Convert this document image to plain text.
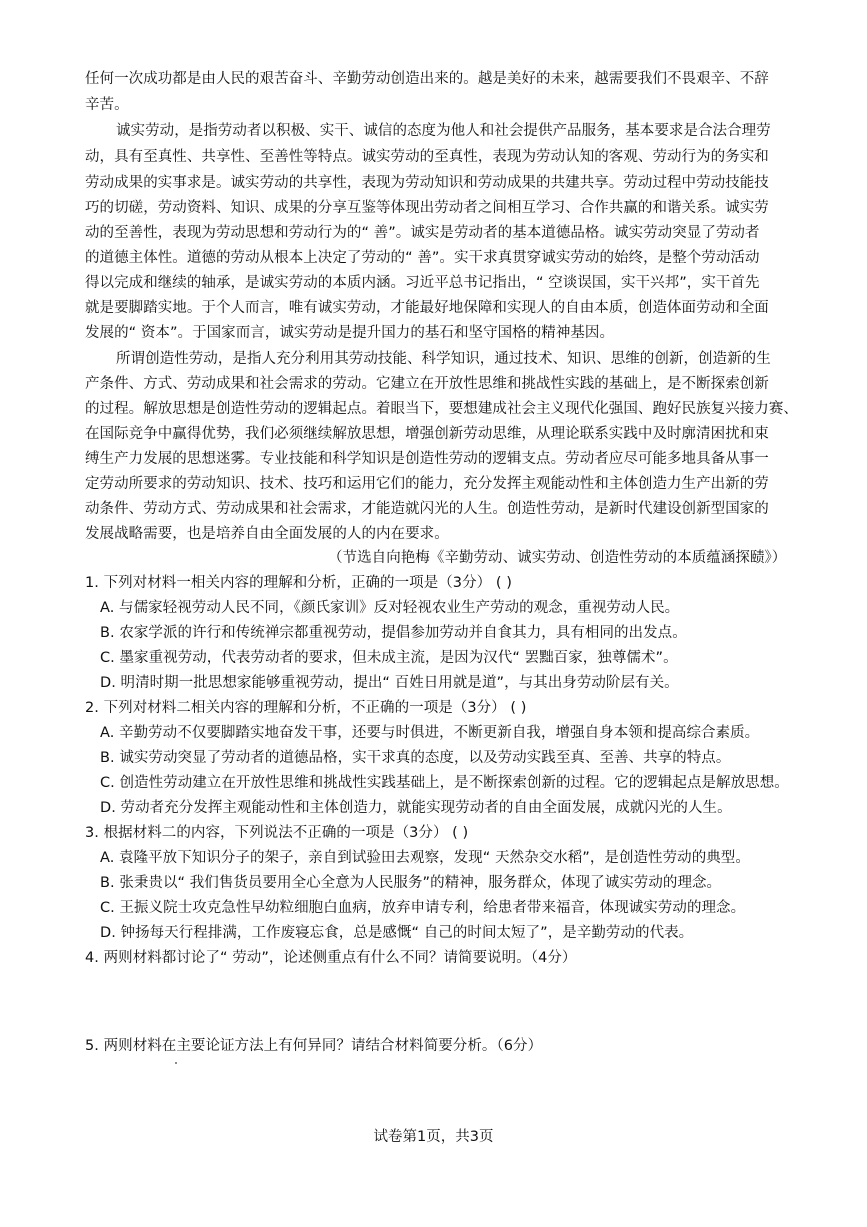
任何一次成功都是由人民的艰苦奋斗、辛勤劳动创造出来的。越是美好的未来，越需要我们不畏艰辛、不辞
辛苦。
诚实劳动，是指劳动者以积极、实干、诚信的态度为他人和社会提供产品服务，基本要求是合法合理劳
动，具有至真性、共享性、至善性等特点。诚实劳动的至真性，表现为劳动认知的客观、劳动行为的务实和
劳动成果的实事求是。诚实劳动的共享性，表现为劳动知识和劳动成果的共建共享。劳动过程中劳动技能技
巧的切磋，劳动资料、知识、成果的分享互鉴等体现出劳动者之间相互学习、合作共赢的和谐关系。诚实劳
动的至善性，表现为劳动思想和劳动行为的“ 善”。诚实是劳动者的基本道德品格。诚实劳动突显了劳动者
的道德主体性。道德的劳动从根本上决定了劳动的“ 善”。实干求真贯穿诚实劳动的始终，是整个劳动活动
得以完成和继续的轴承，是诚实劳动的本质内涵。习近平总书记指出，“ 空谈误国，实干兴邦”，实干首先
就是要脚踏实地。于个人而言，唯有诚实劳动，才能最好地保障和实现人的自由本质，创造体面劳动和全面
发展的“ 资本”。于国家而言，诚实劳动是提升国力的基石和坚守国格的精神基因。
所谓创造性劳动，是指人充分利用其劳动技能、科学知识，通过技术、知识、思维的创新，创造新的生
产条件、方式、劳动成果和社会需求的劳动。它建立在开放性思维和挑战性实践的基础上，是不断探索创新
的过程。解放思想是创造性劳动的逻辑起点。着眼当下，要想建成社会主义现代化强国、跑好民族复兴接力赛、
在国际竞争中赢得优势，我们必须继续解放思想，增强创新劳动思维，从理论联系实践中及时廓清困扰和束
缚生产力发展的思想迷雾。专业技能和科学知识是创造性劳动的逻辑支点。劳动者应尽可能多地具备从事一
定劳动所要求的劳动知识、技术、技巧和运用它们的能力，充分发挥主观能动性和主体创造力生产出新的劳
动条件、劳动方式、劳动成果和社会需求，才能造就闪光的人生。创造性劳动，是新时代建设创新型国家的
发展战略需要，也是培养自由全面发展的人的内在要求。
（节选自向艳梅《辛勤劳动、诚实劳动、创造性劳动的本质蕴涵探赜》）
1. 下列对材料一相关内容的理解和分析，正确的一项是（3分） ( )
A. 与儒家轻视劳动人民不同，《颜氏家训》反对轻视农业生产劳动的观念，重视劳动人民。
B. 农家学派的许行和传统禅宗都重视劳动，提倡参加劳动并自食其力，具有相同的出发点。
C. 墨家重视劳动，代表劳动者的要求，但未成主流，是因为汉代“ 罢黜百家，独尊儒术”。
D. 明清时期一批思想家能够重视劳动，提出“ 百姓日用就是道”，与其出身劳动阶层有关。
2. 下列对材料二相关内容的理解和分析，不正确的一项是（3分） ( )
A. 辛勤劳动不仅要脚踏实地奋发干事，还要与时俱进，不断更新自我，增强自身本领和提高综合素质。
B. 诚实劳动突显了劳动者的道德品格，实干求真的态度，以及劳动实践至真、至善、共享的特点。
C. 创造性劳动建立在开放性思维和挑战性实践基础上，是不断探索创新的过程。它的逻辑起点是解放思想。
D. 劳动者充分发挥主观能动性和主体创造力，就能实现劳动者的自由全面发展，成就闪光的人生。
3. 根据材料二的内容，下列说法不正确的一项是（3分） ( )
A. 袁隆平放下知识分子的架子，亲自到试验田去观察，发现“ 天然杂交水稻”，是创造性劳动的典型。
B. 张秉贵以“ 我们售货员要用全心全意为人民服务”的精神，服务群众，体现了诚实劳动的理念。
C. 王振义院士攻克急性早幼粒细胞白血病，放弃申请专利，给患者带来福音，体现诚实劳动的理念。
D. 钟扬每天行程排满，工作废寝忘食，总是感慨“ 自己的时间太短了”，是辛勤劳动的代表。
4. 两则材料都讨论了“ 劳动”，论述侧重点有什么不同？请简要说明。（4分）
5. 两则材料在主要论证方法上有何异同？请结合材料简要分析。（6分）
试卷第1页，共3页
